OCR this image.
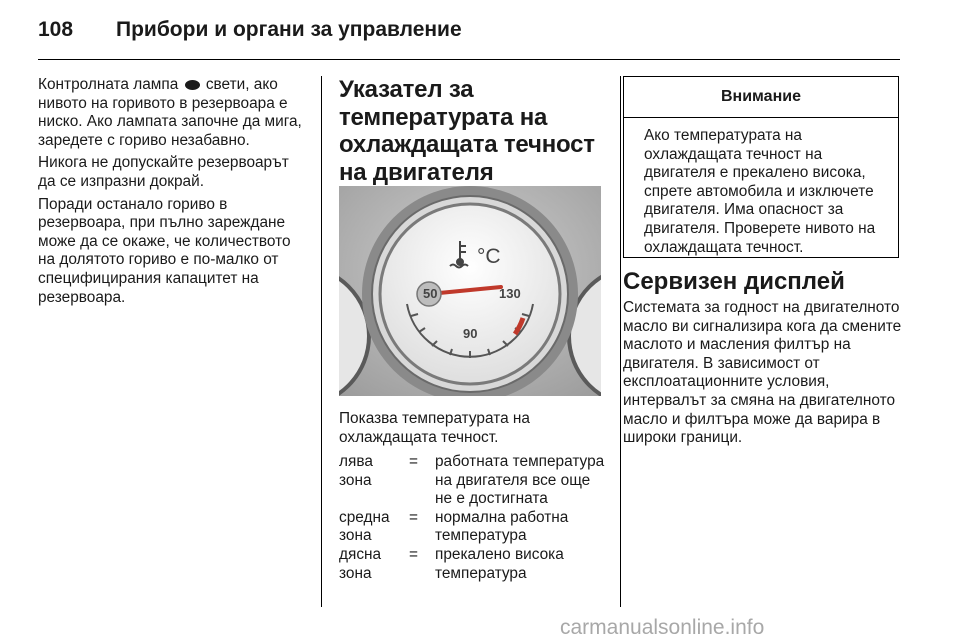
108	Прибори и органи за управление

Контролната лампа свети, ако нивото на горивото в резервоара е ниско. Ако лампата започне да мига, заредете с гориво незабавно.

Никога не допускайте резервоарът да се изпразни докрай.

Поради останало гориво в резервоара, при пълно зареждане може да се окаже, че количеството на долятото гориво е по-малко от специфицирания капацитет на резервоара.

Указател за температурата на охлаждащата течност на двигателя
°C
50	130
90

Показва температурата на охлаждащата течност.

лява зона
=	работната температура на двигателя все още не е достигната
средна зона
=	нормална работна температура
дясна зона
=	прекалено висока температура
Внимание
Ако температурата на охлаждащата течност на двигателя е прекалено висока, спрете автомобила и изключете двигателя. Има опасност за двигателя. Проверете нивото на охлаждащата течност.
Сервизен дисплей

Системата за годност на двигателното масло ви сигнализира кога да смените маслото и масления филтър на двигателя. В зависимост от експлоатационните условия, интервалът за смяна на двигателното масло и филтъра може да варира в широки граници.

carmanualsonline.info
